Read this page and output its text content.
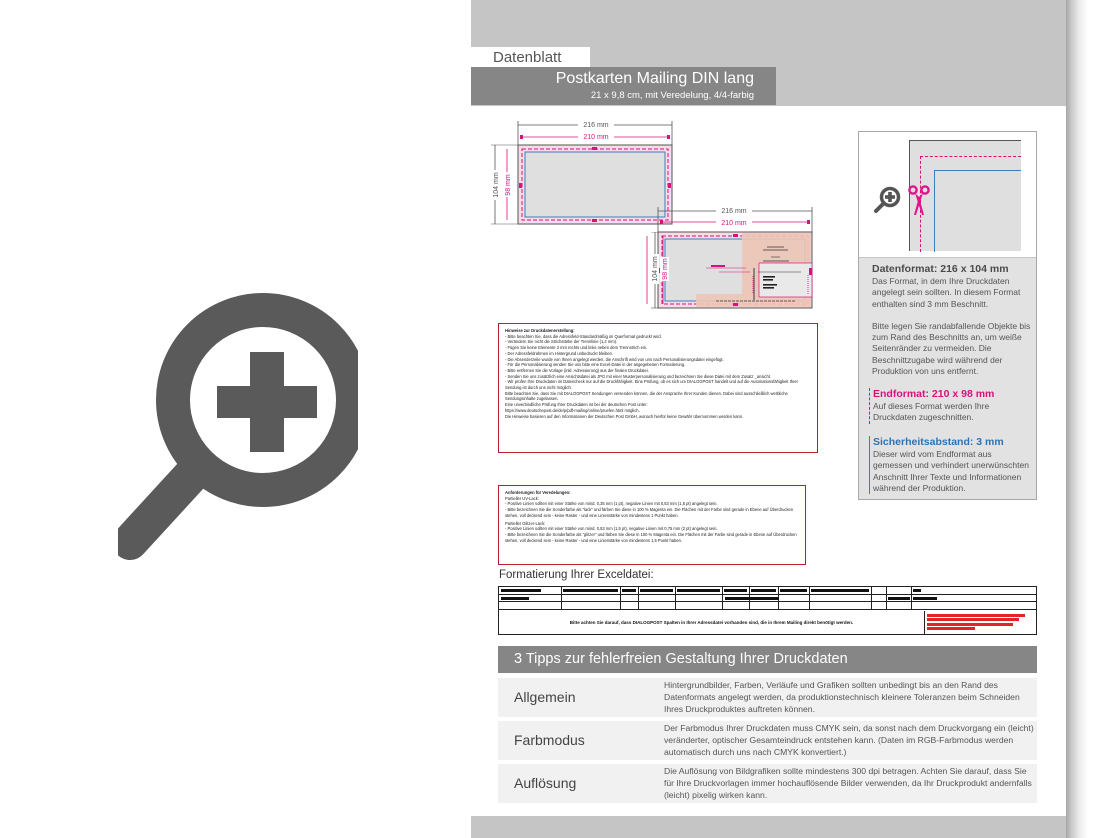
Datenblatt
Postkarten Mailing DIN lang
21 x 9,8 cm, mit Veredelung, 4/4-farbig
216 mm
210 mm
104 mm 98 mm
216 mm
210 mm
104 mm 98 mm	Datenformat: 216 x 104 mm

Das Format, in dem Ihre Druckdaten angelegt sein sollten. In diesem Format enthalten sind 3 mm Beschnitt.

Bitte legen Sie randabfallende Objekte bis zum Rand des Beschnitts an, um weiße Seitenränder zu vermeiden. Die Beschnittzugabe wird während der Produktion von uns entfernt.

Endformat: 210 x 98 mm

Auf dieses Format werden Ihre Druckdaten zugeschnitten.

Sicherheitsabstand: 3 mm

Dieser wird vom Endformat aus gemessen und verhindert unerwünschten Anschnitt Ihrer Texte und Informationen während der Produktion.

Hinweise zur Druckdatenerstellung:
- Bitte beachten Sie, dass die Adressfeld-Standardmäßig im Querformat gedruckt wird.
- Verändern Sie nicht die Strichstärke der Trennlinie (1,2 mm).
- Fügen Sie keine Elemente 3 mm rechts und links neben dem Trennstrich ein.
- Der Adressfeldrahmen im Hintergrund unbedruckt bleiben.
- Die Absenderzeile wurde von Ihnen angelegt werden, die Anschrift wird von uns nach Personalisierungsdatei eingefügt.
- Für die Personalisierung senden Sie uns bitte eine Excel-Datei in der angegebenen Formatierung.
- Bitte entfernen Sie die Vorlage (inkl. Adressierung) aus der finalen Druckdatei.
- Senden Sie uns zusätzlich eine Ansichtsdatei als JPG mit einer Musterpersonalisierung und bezeichnen Sie diese Datei mit dem Zusatz _ansicht.
- Wir prüfen Ihre Druckdaten im Datencheck nur auf die Druckfähigkeit. Eine Prüfung, ob es sich um DIALOGPOST handelt und auf die Automationsfähigkeit Ihrer Sendung ist durch uns nicht möglich.
Bitte beachten Sie, dass Sie mit DIALOGPOST Sendungen versenden können, die der Ansprache Ihrer Kunden dienen. Dabei sind ausschließlich werbliche Sendungsinhalte zugelassen.
Eine unverbindliche Prüfung Ihrer Druckdaten ist bei der deutschen Post unter:
https://www.deutschepost.de/de/p/pdf-mailing/online/pruefen.html möglich.
Die Hinweise basieren auf den Informationen der Deutschen Post GmbH, wonach hierfür keine Gewähr übernommen werden kann.
Anforderungen für Veredelungen:
Partieller UV-Lack:
- Positive Linien sollten mit einer Stärke von mind. 0,35 mm (1 pt), negative Linien mit 0,53 mm (1,5 pt) angelegt sein.
- Bitte bezeichnen Sie die Sonderfarbe als "lack" und färben Sie diese in 100 % Magenta ein. Die Flächen mit der Farbe sind gerade in Ebene auf Überdrucken stehen, voll deckend sein - keine Raster - und eine Linienstärke von mindestens 1 Punkt haben.
Partieller Glitzer-Lack:
- Positive Linien sollten mit einer Stärke von mind. 0,53 mm (1,5 pt), negative Linien mit 0,75 mm (2 pt) angelegt sein.
- Bitte bezeichnen Sie die Sonderfarbe als "glitzer" und färben Sie diese in 100 % Magenta ein. Die Flächen mit der Farbe sind gerade in Ebene auf Überdrucken stehen, voll deckend sein - keine Raster - und eine Linienstärke von mindestens 1,5 Punkt haben.
Formatierung Ihrer Exceldatei:
Bitte achten Sie darauf, dass DIALOGPOST Spalten in Ihrer Adressdatei vorhanden sind, die in Ihrem Mailing direkt benötigt werden.
3 Tipps zur fehlerfreien Gestaltung Ihrer Druckdaten
Allgemein
Hintergrundbilder, Farben, Verläufe und Grafiken sollten unbedingt bis an den Rand des Datenformats angelegt werden, da produktionstechnisch kleinere Toleranzen beim Schneiden Ihres Druckproduktes auftreten können.
Farbmodus
Der Farbmodus Ihrer Druckdaten muss CMYK sein, da sonst nach dem Druckvorgang ein (leicht) veränderter, optischer Gesamteindruck entstehen kann. (Daten im RGB-Farbmodus werden automatisch durch uns nach CMYK konvertiert.)
Auflösung
Die Auflösung von Bildgrafiken sollte mindestens 300 dpi betragen. Achten Sie darauf, dass Sie für Ihre Druckvorlagen immer hochauflösende Bilder verwenden, da Ihr Druckprodukt andernfalls (leicht) pixelig wirken kann.
